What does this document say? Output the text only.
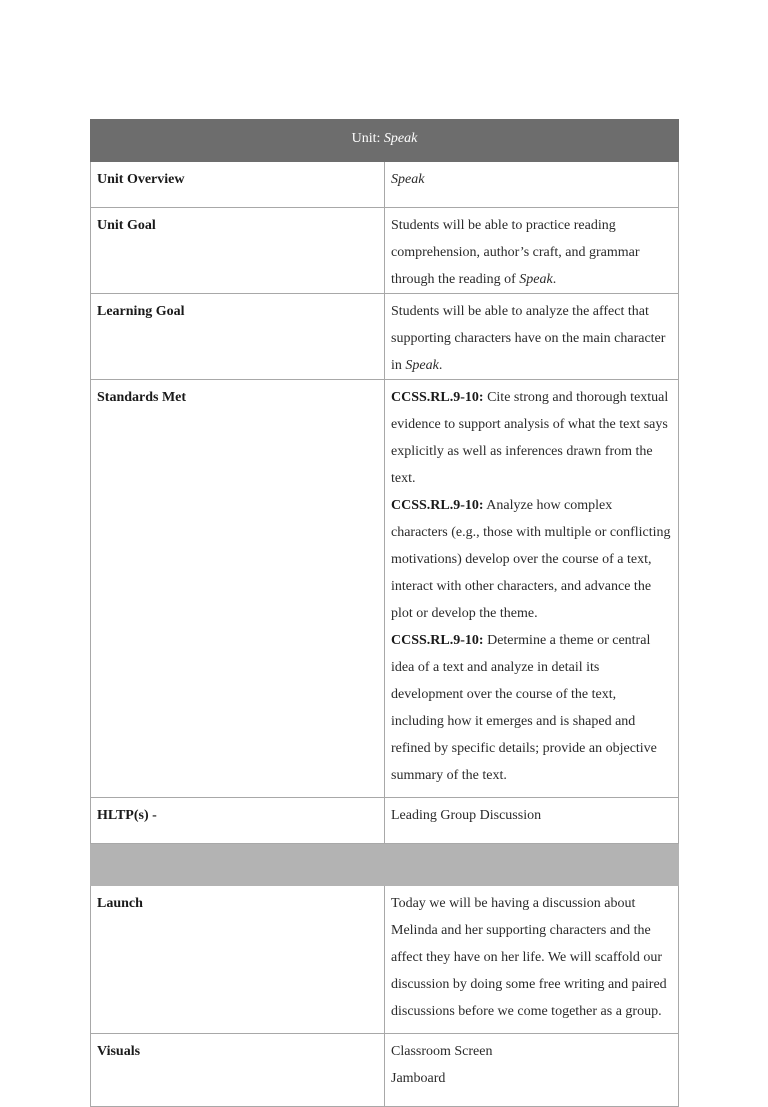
Unit: Speak	
Unit Overview	Speak
Unit Goal	Students will be able to practice reading comprehension, author’s craft, and grammar through the reading of Speak.
Learning Goal	Students will be able to analyze the affect that supporting characters have on the main character in Speak.
Standards Met	CCSS.RL.9-10: Cite strong and thorough textual evidence to support analysis of what the text says explicitly as well as inferences drawn from the text.
CCSS.RL.9-10: Analyze how complex characters (e.g., those with multiple or conflicting motivations) develop over the course of a text, interact with other characters, and advance the plot or develop the theme.
CCSS.RL.9-10: Determine a theme or central idea of a text and analyze in detail its development over the course of the text, including how it emerges and is shaped and refined by specific details; provide an objective summary of the text.

HLTP(s) -	Leading Group Discussion

Launch	Today we will be having a discussion about Melinda and her supporting characters and the affect they have on her life. We will scaffold our discussion by doing some free writing and paired discussions before we come together as a group.
Visuals	Classroom Screen
Jamboard
